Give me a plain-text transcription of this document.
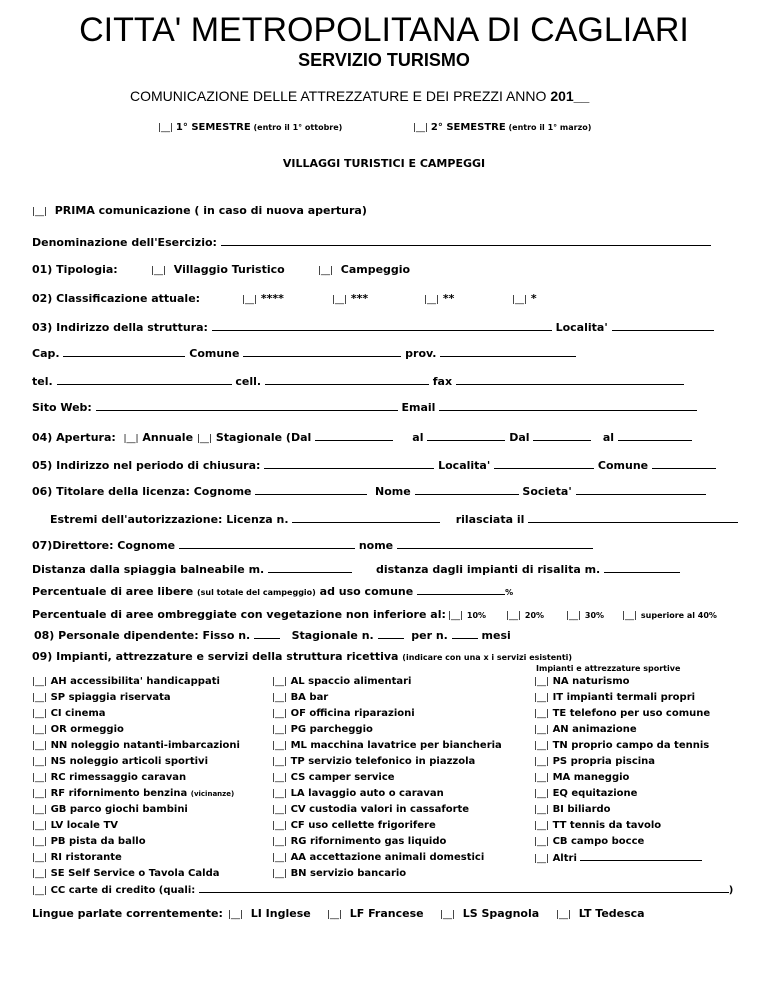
CITTA' METROPOLITANA DI CAGLIARI
SERVIZIO TURISMO
COMUNICAZIONE DELLE ATTREZZATURE E DEI PREZZI ANNO 201__
|__| 1° SEMESTRE (entro il 1° ottobre)	|__| 2° SEMESTRE (entro il 1° marzo)
VILLAGGI TURISTICI E CAMPEGGI
|__| PRIMA comunicazione ( in caso di nuova apertura)
Denominazione dell'Esercizio:
01) Tipologia:	|__| Villaggio Turistico	|__| Campeggio
02) Classificazione attuale:	|__| ****	|__| ***	|__| **	|__| *
03) Indirizzo della struttura:	Localita'
Cap.	Comune	prov.
tel.	cell.	fax
Sito Web:	Email
04) Apertura: |__| Annuale |__| Stagionale (Dal	al	Dal	al
05) Indirizzo nel periodo di chiusura:	Localita'	Comune
06) Titolare della licenza: Cognome	Nome	Societa'
Estremi dell'autorizzazione: Licenza n.	rilasciata il
07)Direttore: Cognome	nome
Distanza dalla spiaggia balneabile m.	distanza dagli impianti di risalita m.
Percentuale di aree libere (sul totale del campeggio) ad uso comune	%
Percentuale di aree ombreggiate con vegetazione non inferiore al: |__| 10% |__| 20% |__| 30% |__| superiore al 40%
08) Personale dipendente: Fisso n.	Stagionale n.	per n.	mesi
09) Impianti, attrezzature e servizi della struttura ricettiva (indicare con una x i servizi esistenti)
Impianti e attrezzature sportive
|__| AH accessibilita' handicappati
|__| SP spiaggia riservata
|__| CI cinema
|__| OR ormeggio
|__| NN noleggio natanti-imbarcazioni
|__| NS noleggio articoli sportivi
|__| RC rimessaggio caravan
|__| RF rifornimento benzina (vicinanze)
|__| GB parco giochi bambini
|__| LV locale TV
|__| PB pista da ballo
|__| RI ristorante
|__| SE Self Service o Tavola Calda
|__| AL spaccio alimentari
|__| BA bar
|__| OF officina riparazioni
|__| PG parcheggio
|__| ML macchina lavatrice per biancheria
|__| TP servizio telefonico in piazzola
|__| CS camper service
|__| LA lavaggio auto o caravan
|__| CV custodia valori in cassaforte
|__| CF uso cellette frigorifere
|__| RG rifornimento gas liquido
|__| AA accettazione animali domestici
|__| BN servizio bancario
|__| NA naturismo
|__| IT impianti termali propri
|__| TE telefono per uso comune
|__| AN animazione
|__| TN proprio campo da tennis
|__| PS propria piscina
|__| MA maneggio
|__| EQ equitazione
|__| BI biliardo
|__| TT tennis da tavolo
|__| CB campo bocce
|__| Altri
|__| CC carte di credito (quali:	)
Lingue parlate correntemente: |__| LI Inglese |__| LF Francese |__| LS Spagnola |__| LT Tedesca
